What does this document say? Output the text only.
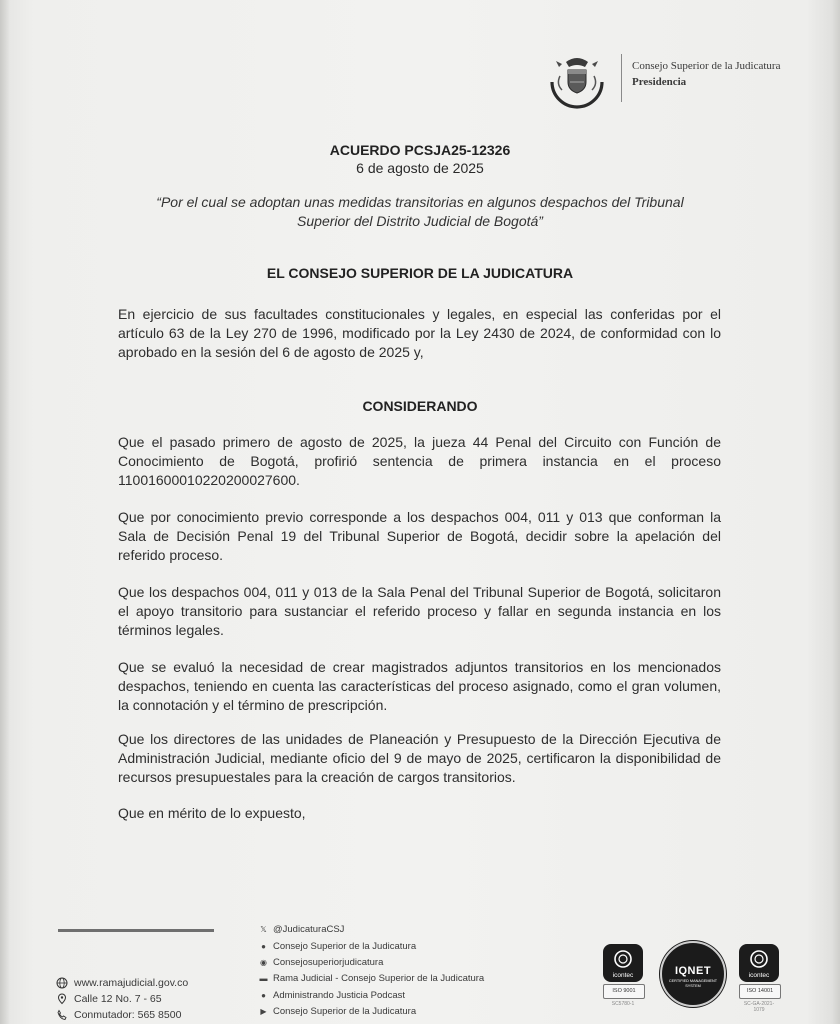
Consejo Superior de la Judicatura
Presidencia
ACUERDO PCSJA25-12326
6 de agosto de 2025
“Por el cual se adoptan unas medidas transitorias en algunos despachos del Tribunal
Superior del Distrito Judicial de Bogotá”
EL CONSEJO SUPERIOR DE LA JUDICATURA
En ejercicio de sus facultades constitucionales y legales, en especial las conferidas por el artículo 63 de la Ley 270 de 1996, modificado por la Ley 2430 de 2024, de conformidad con lo aprobado en la sesión del 6 de agosto de 2025 y,
CONSIDERANDO
Que el pasado primero de agosto de 2025, la jueza 44 Penal del Circuito con Función de Conocimiento de Bogotá, profirió sentencia de primera instancia en el proceso 11001600010220200027600.
Que por conocimiento previo corresponde a los despachos 004, 011 y 013 que conforman la Sala de Decisión Penal 19 del Tribunal Superior de Bogotá, decidir sobre la apelación del referido proceso.
Que los despachos 004, 011 y 013 de la Sala Penal del Tribunal Superior de Bogotá, solicitaron el apoyo transitorio para sustanciar el referido proceso y fallar en segunda instancia en los términos legales.
Que se evaluó la necesidad de crear magistrados adjuntos transitorios en los mencionados despachos, teniendo en cuenta las características del proceso asignado, como el gran volumen, la connotación y el término de prescripción.
Que los directores de las unidades de Planeación y Presupuesto de la Dirección Ejecutiva de Administración Judicial, mediante oficio del 9 de mayo de 2025, certificaron la disponibilidad de recursos presupuestales para la creación de cargos transitorios.
Que en mérito de lo expuesto,
www.ramajudicial.gov.co
Calle 12 No. 7 - 65
Conmutador: 565 8500
𝕏 @JudicaturaCSJ
● Consejo Superior de la Judicatura
◉ Consejosuperiorjudicatura
▬ Rama Judicial - Consejo Superior de la Judicatura
● Administrando Justicia Podcast
▶ Consejo Superior de la Judicatura
icontec
ISO 9001
SC5780-1
IQNET
CERTIFIED MANAGEMENT SYSTEM
icontec
ISO 14001
SC-GA-2021-1079
